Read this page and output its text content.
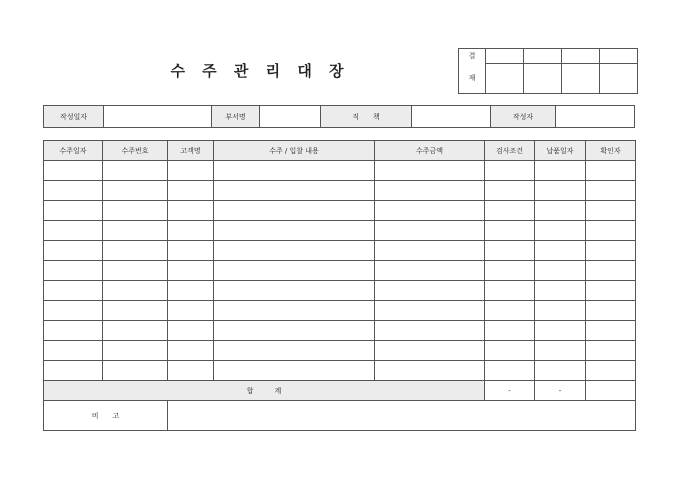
수 주 관 리 대 장
결				
재				
작성일자		부서명		직　　책		작성자	
수주일자	수주번호	고객명	수주 / 입찰 내용	수주금액	검사조건	납품일자	확인자

합　　　계					-	-	
비　　고							
